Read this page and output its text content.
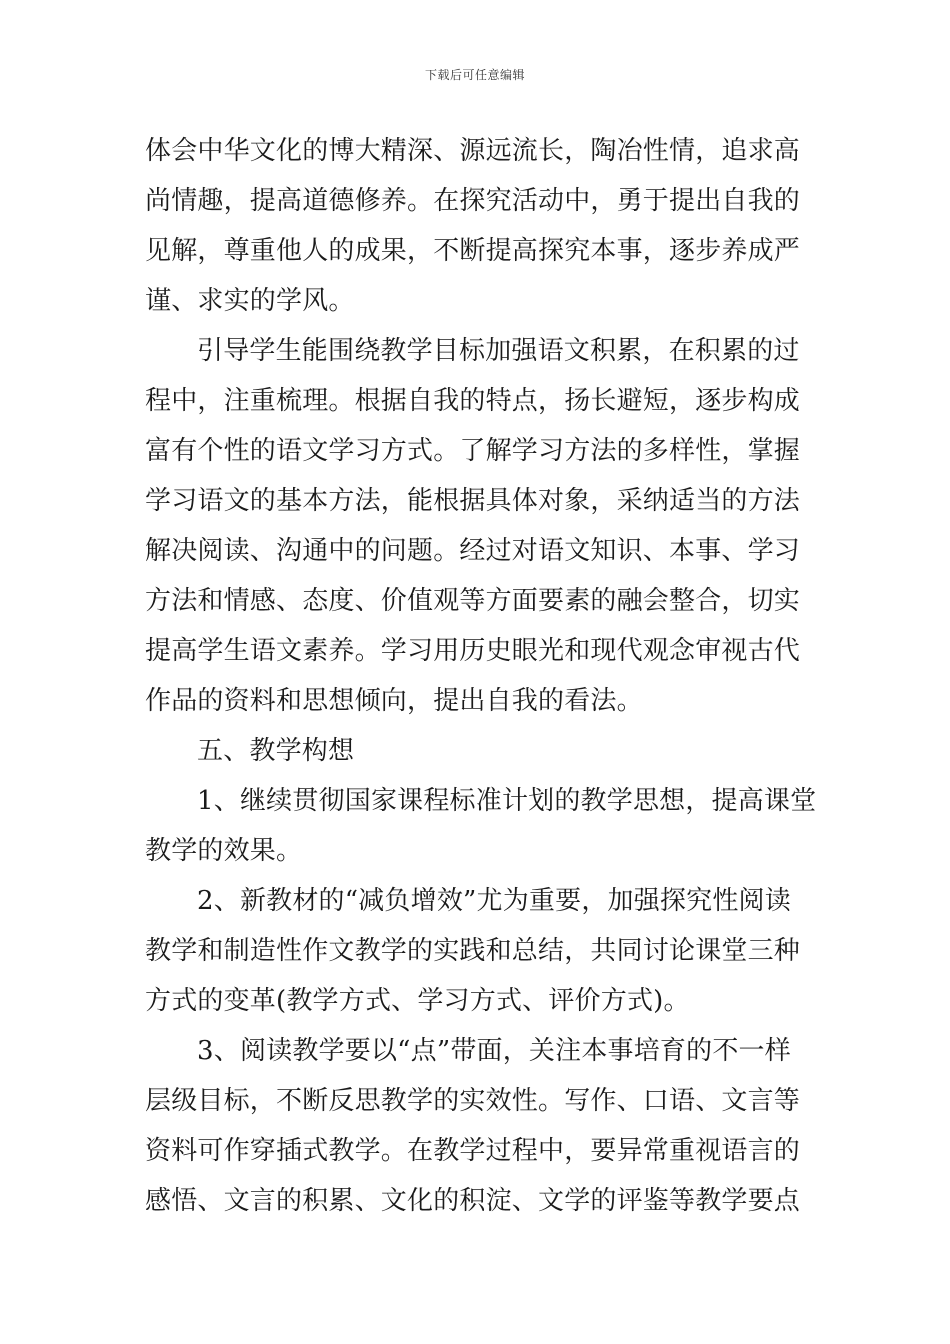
下载后可任意编辑
体会中华文化的博大精深、源远流长，陶冶性情，追求高
尚情趣，提高道德修养。在探究活动中，勇于提出自我的
见解，尊重他人的成果，不断提高探究本事，逐步养成严
谨、求实的学风。
引导学生能围绕教学目标加强语文积累，在积累的过
程中，注重梳理。根据自我的特点，扬长避短，逐步构成
富有个性的语文学习方式。了解学习方法的多样性，掌握
学习语文的基本方法，能根据具体对象，采纳适当的方法
解决阅读、沟通中的问题。经过对语文知识、本事、学习
方法和情感、态度、价值观等方面要素的融会整合，切实
提高学生语文素养。学习用历史眼光和现代观念审视古代
作品的资料和思想倾向，提出自我的看法。
五、教学构想
1、继续贯彻国家课程标准计划的教学思想，提高课堂
教学的效果。
2、新教材的“减负增效”尤为重要，加强探究性阅读
教学和制造性作文教学的实践和总结，共同讨论课堂三种
方式的变革(教学方式、学习方式、评价方式)。
3、阅读教学要以“点”带面，关注本事培育的不一样
层级目标，不断反思教学的实效性。写作、口语、文言等
资料可作穿插式教学。在教学过程中，要异常重视语言的
感悟、文言的积累、文化的积淀、文学的评鉴等教学要点
